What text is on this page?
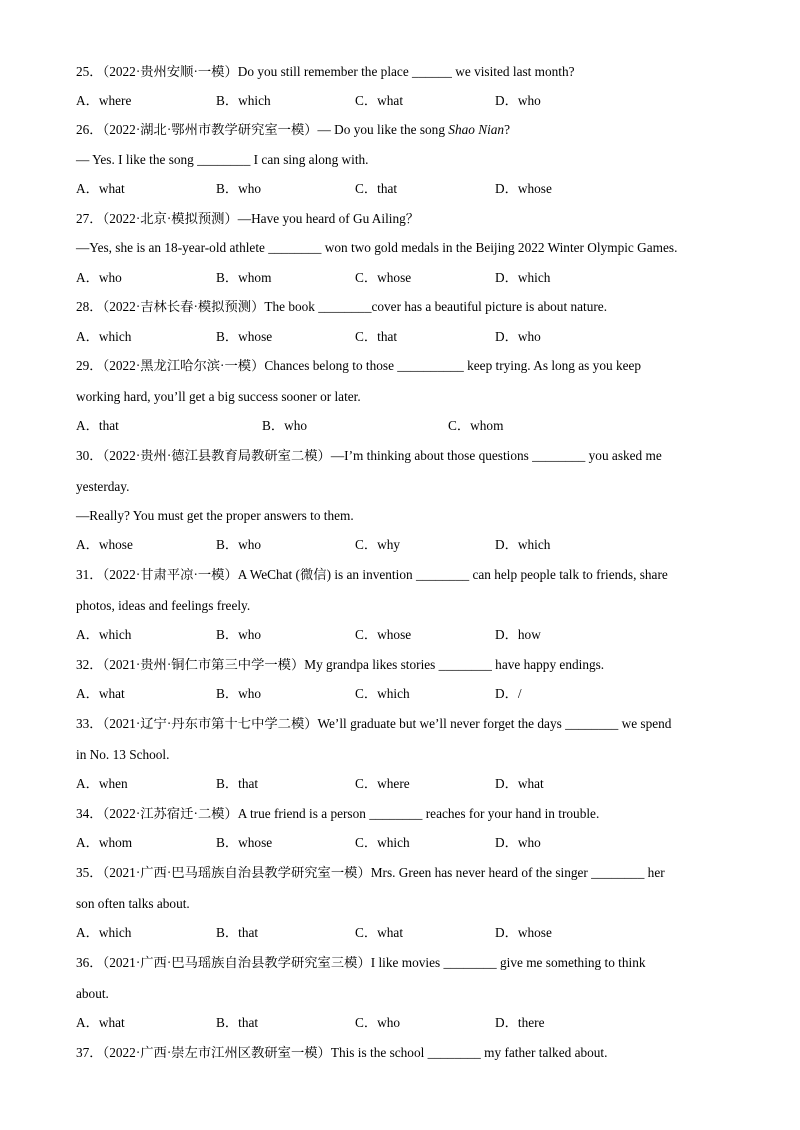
25．（2022·贵州安顺·一模）Do you still remember the place ______ we visited last month?
A．where	B．which	C．what	D．who
26．（2022·湖北·鄂州市教学研究室一模）— Do you like the song Shao Nian?
— Yes. I like the song ________ I can sing along with.
A．what	B．who	C．that	D．whose
27．（2022·北京·模拟预测）—Have you heard of Gu Ailing？
—Yes, she is an 18-year-old athlete ________ won two gold medals in the Beijing 2022 Winter Olympic Games.
A．who	B．whom	C．whose	D．which
28．（2022·吉林长春·模拟预测）The book ________cover has a beautiful picture is about nature.
A．which	B．whose	C．that	D．who
29．（2022·黑龙江哈尔滨·一模）Chances belong to those __________ keep trying. As long as you keep
working hard, you’ll get a big success sooner or later.
A．that	B．who	C．whom
30．（2022·贵州·德江县教育局教研室二模）—I’m thinking about those questions ________ you asked me
yesterday.
—Really? You must get the proper answers to them.
A．whose	B．who	C．why	D．which
31．（2022·甘肃平凉·一模）A WeChat (微信) is an invention ________ can help people talk to friends, share
photos, ideas and feelings freely.
A．which	B．who	C．whose	D．how
32．（2021·贵州·铜仁市第三中学一模）My grandpa likes stories ________ have happy endings.
A．what	B．who	C．which	D．/
33．（2021·辽宁·丹东市第十七中学二模）We’ll graduate but we’ll never forget the days ________ we spend
in No. 13 School.
A．when	B．that	C．where	D．what
34．（2022·江苏宿迁·二模）A true friend is a person ________ reaches for your hand in trouble.
A．whom	B．whose	C．which	D．who
35．（2021·广西·巴马瑶族自治县教学研究室一模）Mrs. Green has never heard of the singer ________ her
son often talks about.
A．which	B．that	C．what	D．whose
36．（2021·广西·巴马瑶族自治县教学研究室三模）I like movies ________ give me something to think
about.
A．what	B．that	C．who	D．there
37．（2022·广西·崇左市江州区教研室一模）This is the school ________ my father talked about.
